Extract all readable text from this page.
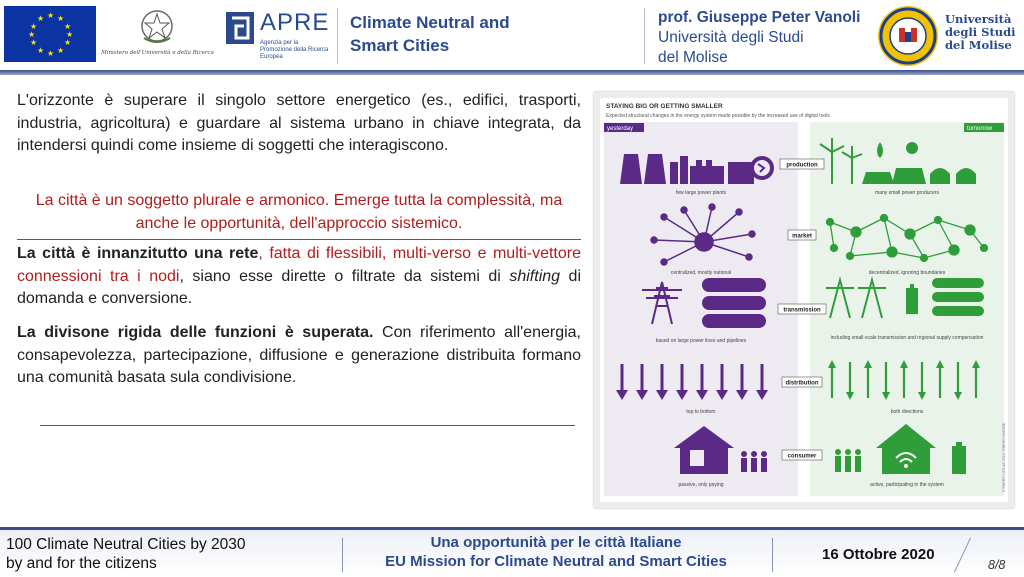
★ ★
★
★
★
★
★
★
★
★
★
★
Ministero dell'Università e della Ricerca
APRE
Agenzia per la Promozione della Ricerca Europea
Climate Neutral and
Smart Cities
prof. Giuseppe Peter Vanoli
Università degli Studi
del Molise
Università
degli Studi
del Molise
L'orizzonte è superare il singolo settore energetico (es., edifici, trasporti, industria, agricoltura) e guardare al sistema urbano in chiave integrata, da intendersi quindi come insieme di soggetti che interagiscono.
La città è un soggetto plurale e armonico. Emerge tutta la complessità, ma anche le opportunità, dell'approccio sistemico.
La città è innanzitutto una rete, fatta di flessibili, multi-verso e multi-vettore connessioni tra i nodi, siano esse dirette o filtrate da sistemi di shifting di domanda e conversione.
La divisone rigida delle funzioni è superata. Con riferimento all'energia, consapevolezza, partecipazione, diffusione e generazione distribuita formano una comunità basata sula condivisione.
STAYING BIG OR GETTING SMALLER
Expected structural changes in the energy system made possible by the increased use of digital tools
yesterday	tomorrow
production
few large power plants	many small power producers
market
centralized, mostly national	decentralized, ignoring boundaries
transmission
based on large power lines and pipelines	including small-scale transmission and regional supply compensation
distribution
top to bottom	both directions
consumer
passive, only paying	active, participating in the system	© ENERGY ATLAS 2018 / ENERGYWENDE
100 Climate Neutral Cities by 2030
by and for the citizens
Una opportunità per le città Italiane
EU Mission for Climate Neutral and Smart Cities	16 Ottobre 2020
8/8
